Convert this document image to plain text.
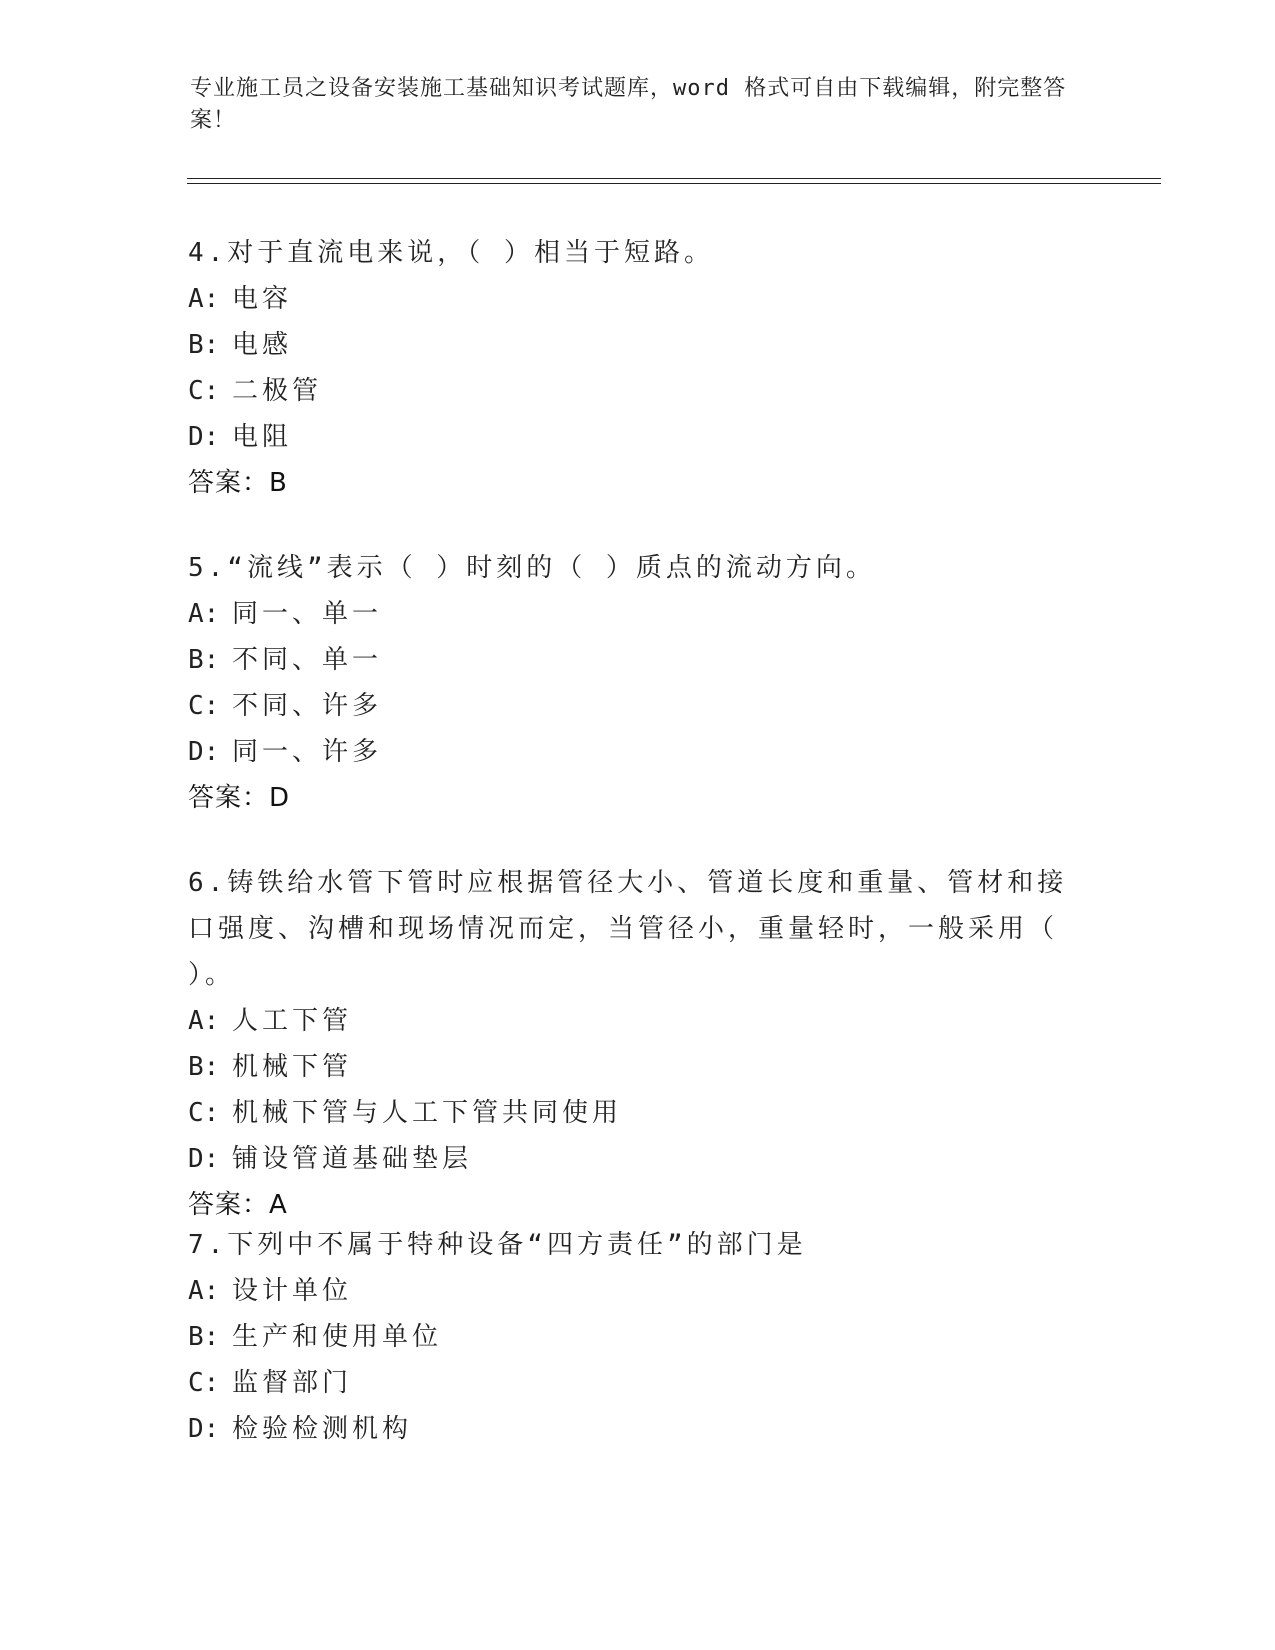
专业施工员之设备安装施工基础知识考试题库，word 格式可自由下载编辑，附完整答案！

4.对于直流电来说，（ ）相当于短路。

A: 电容

B: 电感

C: 二极管

D: 电阻

答案：B

5.“流线”表示（ ）时刻的（ ）质点的流动方向。

A: 同一、单一

B: 不同、单一

C: 不同、许多

D: 同一、许多

答案：D

6.铸铁给水管下管时应根据管径大小、管道长度和重量、管材和接口强度、沟槽和现场情况而定，当管径小，重量轻时，一般采用（ ）。

A: 人工下管

B: 机械下管

C: 机械下管与人工下管共同使用

D: 铺设管道基础垫层

答案：A

7.下列中不属于特种设备“四方责任”的部门是

A: 设计单位

B: 生产和使用单位

C: 监督部门

D: 检验检测机构
